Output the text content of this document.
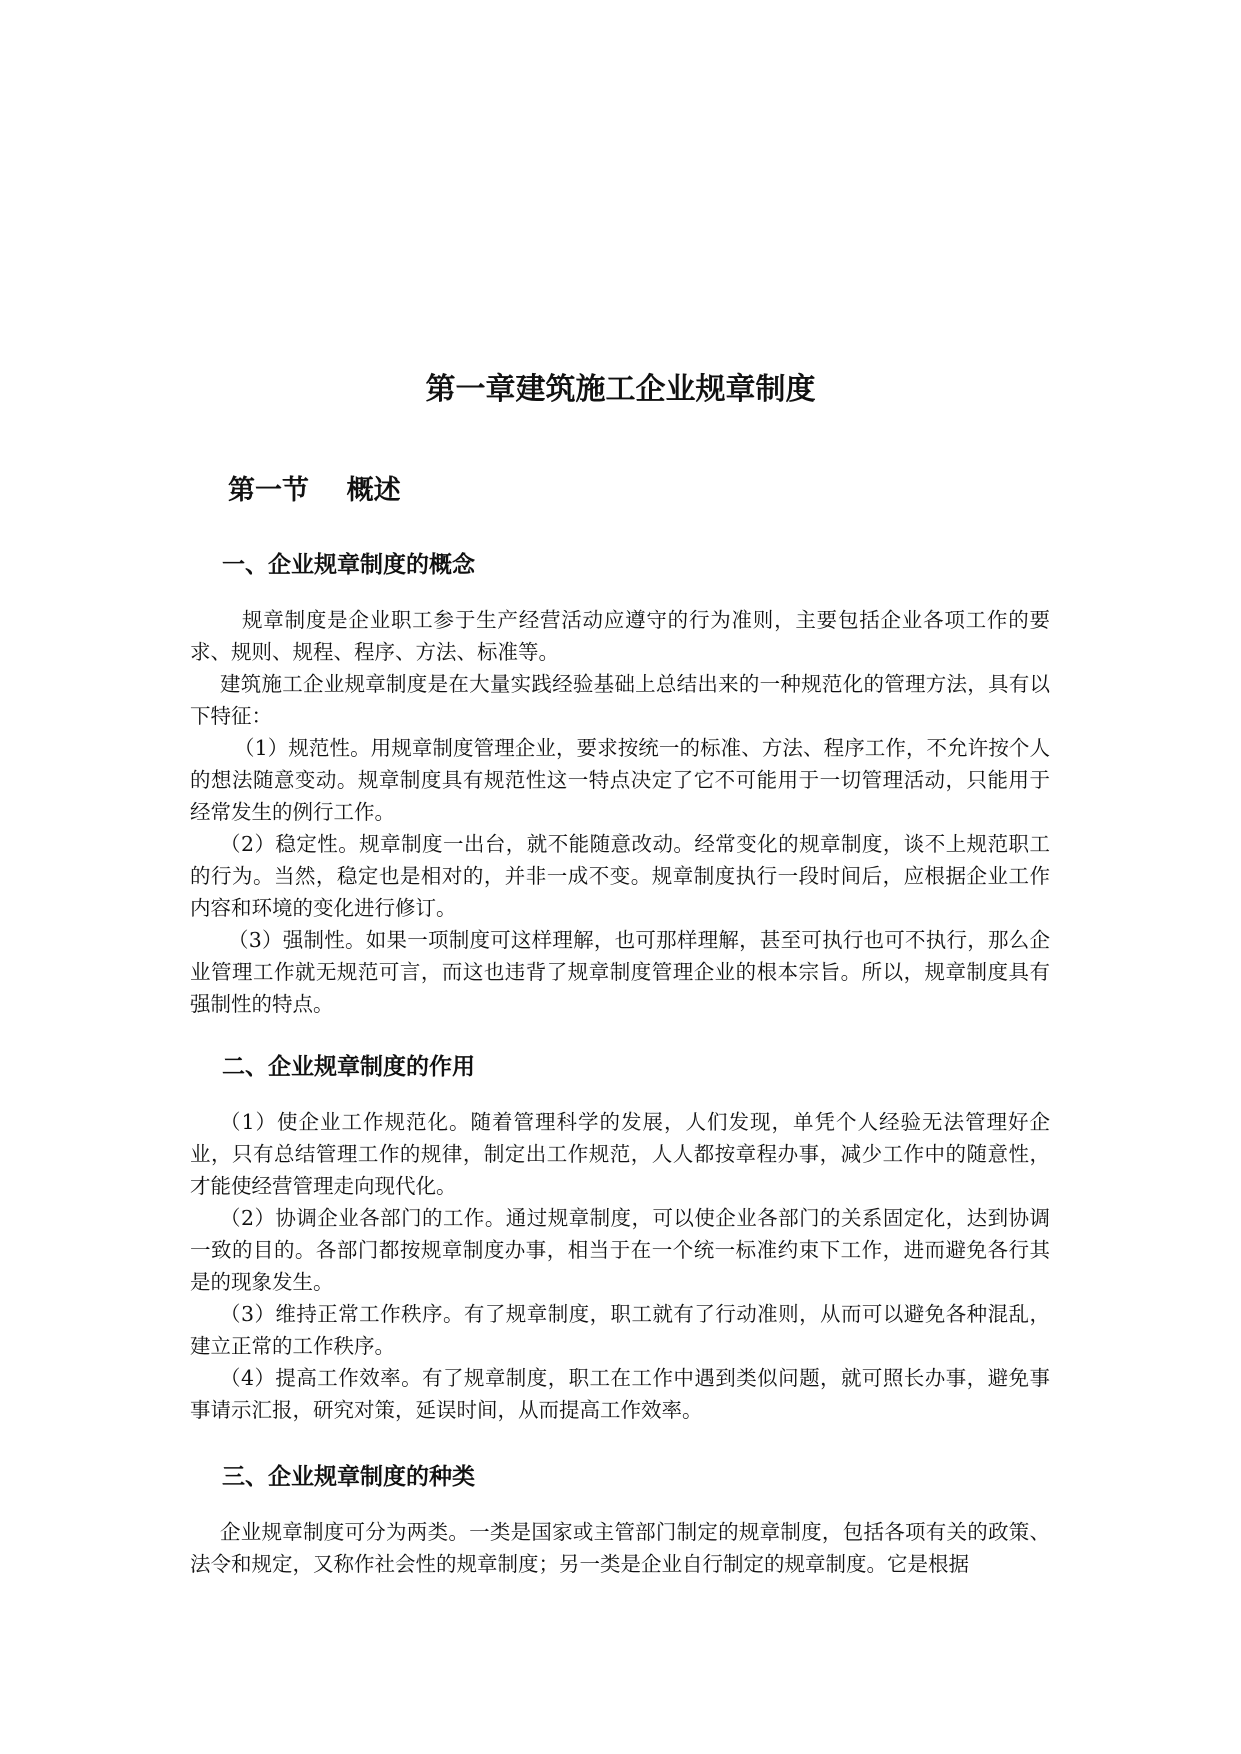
第一章建筑施工企业规章制度
第一节    概述
一、企业规章制度的概念

规章制度是企业职工参于生产经营活动应遵守的行为准则，主要包括企业各项工作的要求、规则、规程、程序、方法、标准等。

建筑施工企业规章制度是在大量实践经验基础上总结出来的一种规范化的管理方法，具有以下特征：

（1）规范性。用规章制度管理企业，要求按统一的标准、方法、程序工作，不允许按个人的想法随意变动。规章制度具有规范性这一特点决定了它不可能用于一切管理活动，只能用于经常发生的例行工作。

（2）稳定性。规章制度一出台，就不能随意改动。经常变化的规章制度，谈不上规范职工的行为。当然，稳定也是相对的，并非一成不变。规章制度执行一段时间后，应根据企业工作内容和环境的变化进行修订。

（3）强制性。如果一项制度可这样理解，也可那样理解，甚至可执行也可不执行，那么企业管理工作就无规范可言，而这也违背了规章制度管理企业的根本宗旨。所以，规章制度具有强制性的特点。

二、企业规章制度的作用

（1）使企业工作规范化。随着管理科学的发展，人们发现，单凭个人经验无法管理好企业，只有总结管理工作的规律，制定出工作规范，人人都按章程办事，减少工作中的随意性，才能使经营管理走向现代化。

（2）协调企业各部门的工作。通过规章制度，可以使企业各部门的关系固定化，达到协调一致的目的。各部门都按规章制度办事，相当于在一个统一标准约束下工作，进而避免各行其是的现象发生。

（3）维持正常工作秩序。有了规章制度，职工就有了行动准则，从而可以避免各种混乱，建立正常的工作秩序。

（4）提高工作效率。有了规章制度，职工在工作中遇到类似问题，就可照长办事，避免事事请示汇报，研究对策，延误时间，从而提高工作效率。

三、企业规章制度的种类

企业规章制度可分为两类。一类是国家或主管部门制定的规章制度，包括各项有关的政策、法令和规定，又称作社会性的规章制度；另一类是企业自行制定的规章制度。它是根据
